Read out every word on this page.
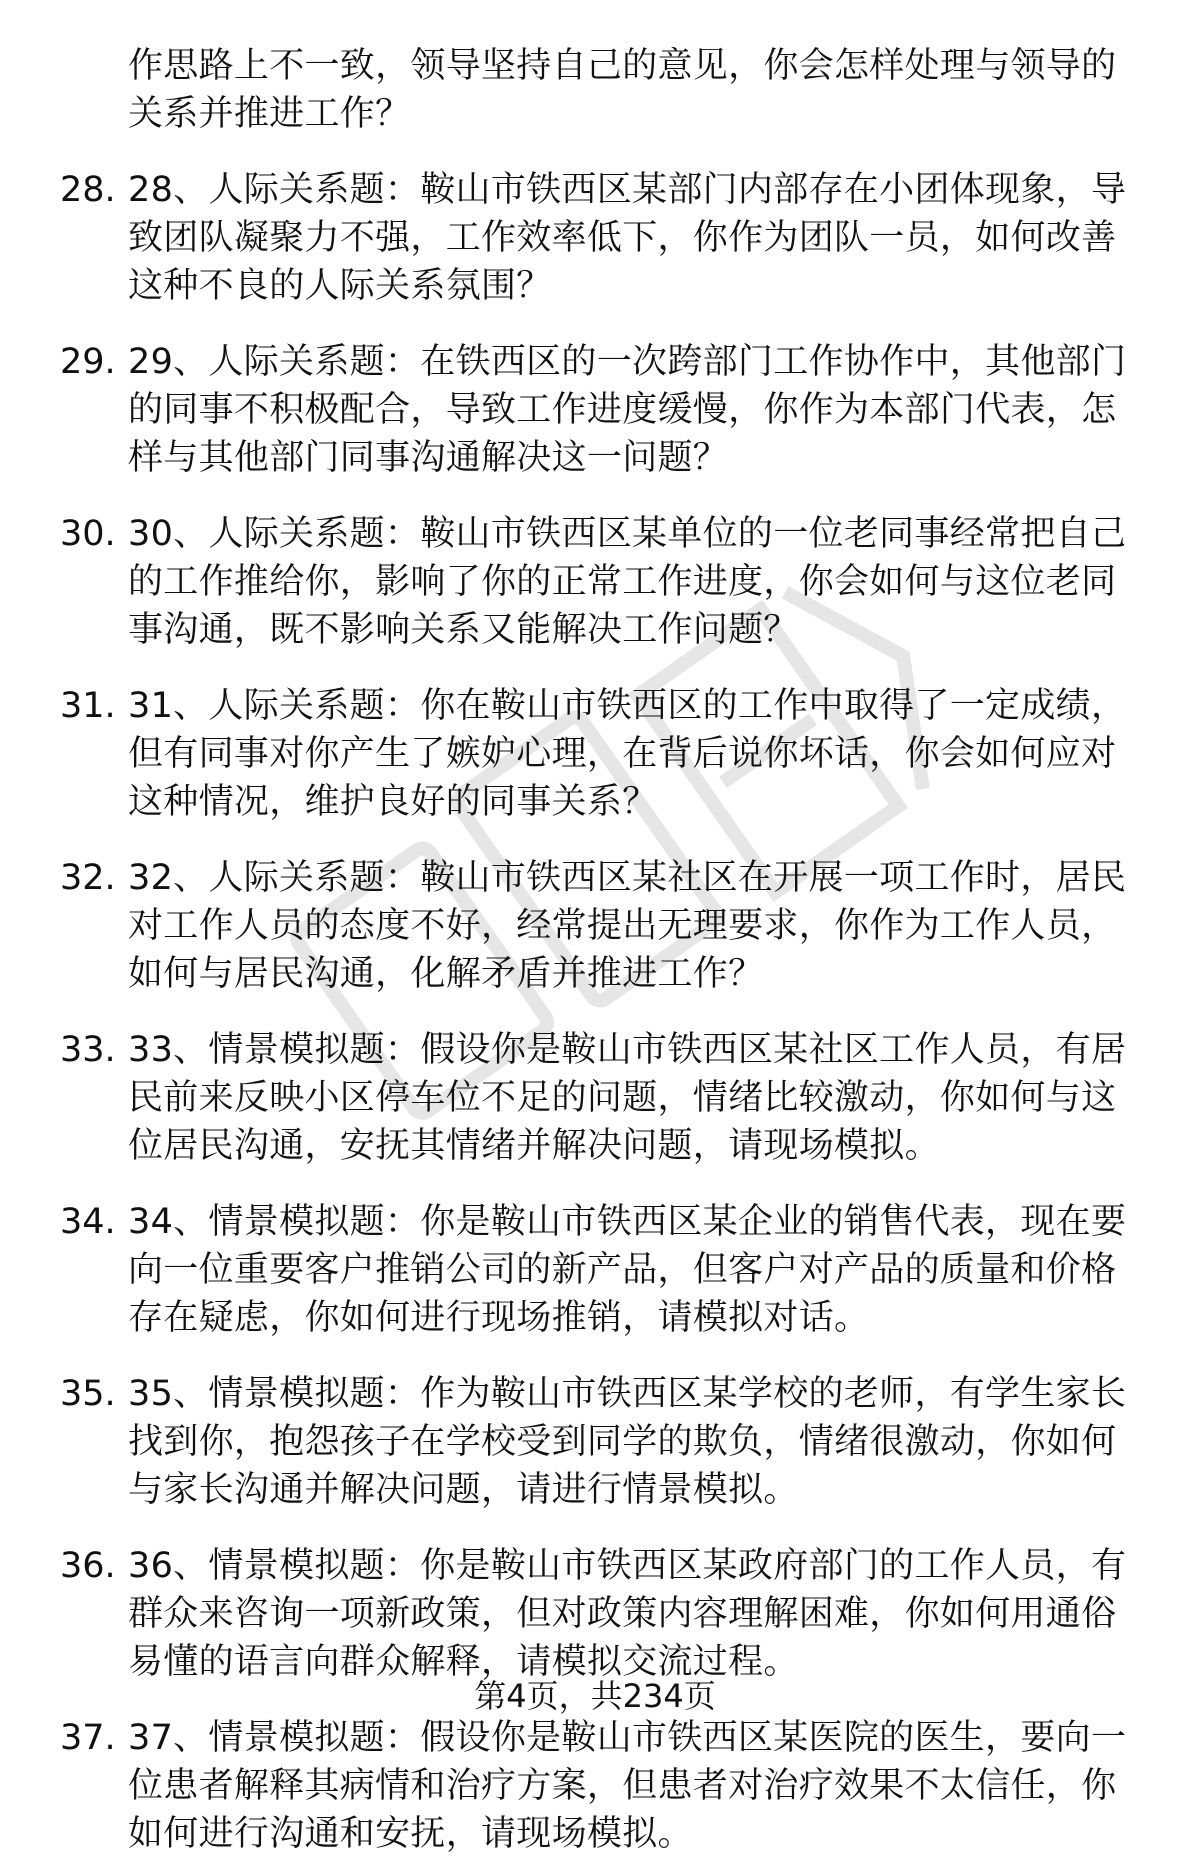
作思路上不一致，领导坚持自己的意见，你会怎样处理与领导的关系并推进工作？
28. 28、人际关系题：鞍山市铁西区某部门内部存在小团体现象，导致团队凝聚力不强，工作效率低下，你作为团队一员，如何改善这种不良的人际关系氛围？
29. 29、人际关系题：在铁西区的一次跨部门工作协作中，其他部门的同事不积极配合，导致工作进度缓慢，你作为本部门代表，怎样与其他部门同事沟通解决这一问题？
30. 30、人际关系题：鞍山市铁西区某单位的一位老同事经常把自己的工作推给你，影响了你的正常工作进度，你会如何与这位老同事沟通，既不影响关系又能解决工作问题？
31. 31、人际关系题：你在鞍山市铁西区的工作中取得了一定成绩，但有同事对你产生了嫉妒心理，在背后说你坏话，你会如何应对这种情况，维护良好的同事关系？
32. 32、人际关系题：鞍山市铁西区某社区在开展一项工作时，居民对工作人员的态度不好，经常提出无理要求，你作为工作人员，如何与居民沟通，化解矛盾并推进工作？
33. 33、情景模拟题：假设你是鞍山市铁西区某社区工作人员，有居民前来反映小区停车位不足的问题，情绪比较激动，你如何与这位居民沟通，安抚其情绪并解决问题，请现场模拟。
34. 34、情景模拟题：你是鞍山市铁西区某企业的销售代表，现在要向一位重要客户推销公司的新产品，但客户对产品的质量和价格存在疑虑，你如何进行现场推销，请模拟对话。
35. 35、情景模拟题：作为鞍山市铁西区某学校的老师，有学生家长找到你，抱怨孩子在学校受到同学的欺负，情绪很激动，你如何与家长沟通并解决问题，请进行情景模拟。
36. 36、情景模拟题：你是鞍山市铁西区某政府部门的工作人员，有群众来咨询一项新政策，但对政策内容理解困难，你如何用通俗易懂的语言向群众解释，请模拟交流过程。
37. 37、情景模拟题：假设你是鞍山市铁西区某医院的医生，要向一位患者解释其病情和治疗方案，但患者对治疗效果不太信任，你如何进行沟通和安抚，请现场模拟。
第4页，共234页
